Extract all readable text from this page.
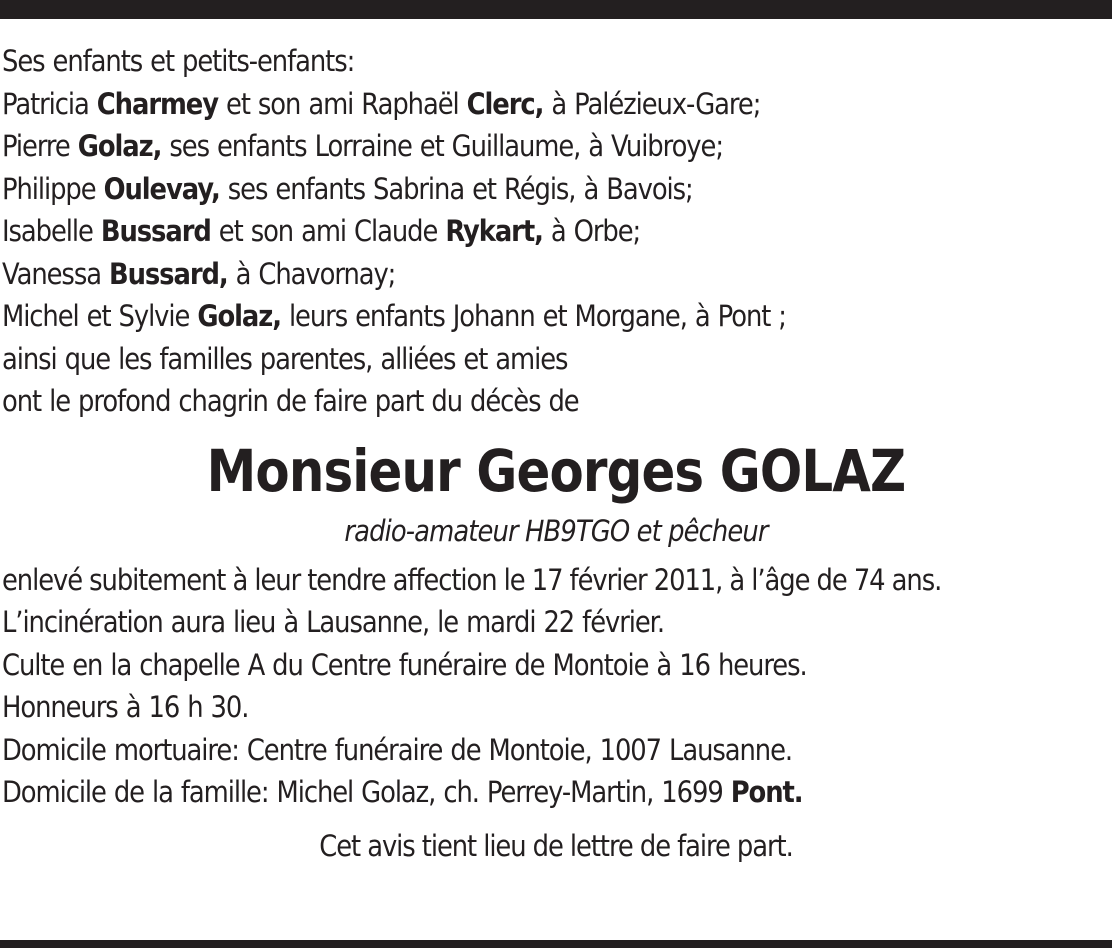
Ses enfants et petits-enfants:
Patricia Charmey et son ami Raphaël Clerc, à Palézieux-Gare;
Pierre Golaz, ses enfants Lorraine et Guillaume, à Vuibroye;
Philippe Oulevay, ses enfants Sabrina et Régis, à Bavois;
Isabelle Bussard et son ami Claude Rykart, à Orbe;
Vanessa Bussard, à Chavornay;
Michel et Sylvie Golaz, leurs enfants Johann et Morgane, à Pont ;
ainsi que les familles parentes, alliées et amies
ont le profond chagrin de faire part du décès de
Monsieur Georges GOLAZ
radio-amateur HB9TGO et pêcheur
enlevé subitement à leur tendre affection le 17 février 2011, à l’âge de 74 ans.
L’incinération aura lieu à Lausanne, le mardi 22 février.
Culte en la chapelle A du Centre funéraire de Montoie à 16 heures.
Honneurs à 16 h 30.
Domicile mortuaire: Centre funéraire de Montoie, 1007 Lausanne.
Domicile de la famille: Michel Golaz, ch. Perrey-Martin, 1699 Pont.
Cet avis tient lieu de lettre de faire part.
